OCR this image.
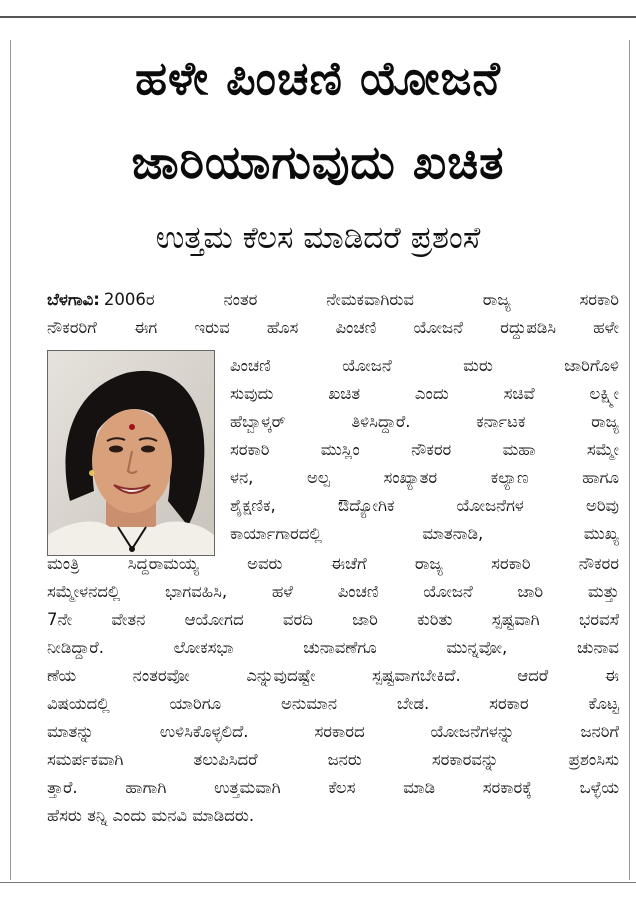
ಹಳೇ ಪಿಂಚಣಿ ಯೋಜನೆ
ಜಾರಿಯಾಗುವುದು ಖಚಿತ
ಉತ್ತಮ ಕೆಲಸ ಮಾಡಿದರೆ ಪ್ರಶಂಸೆ
ಬೆಳಗಾವಿ: 2006ರ ನಂತರ ನೇಮಕವಾಗಿರುವ ರಾಜ್ಯ ಸರಕಾರಿ
ನೌಕರರಿಗೆ ಈಗ ಇರುವ ಹೊಸ ಪಿಂಚಣಿ ಯೋಜನೆ ರದ್ದುಪಡಿಸಿ ಹಳೇ
ಪಿಂಚಣಿ ಯೋಜನೆ ಮರು ಜಾರಿಗೊಳಿ
ಸುವುದು ಖಚಿತ ಎಂದು ಸಚಿವೆ ಲಕ್ಷ್ಮೀ
ಹೆಬ್ಬಾಳ್ಕರ್ ತಿಳಿಸಿದ್ದಾರೆ. ಕರ್ನಾಟಕ ರಾಜ್ಯ
ಸರಕಾರಿ ಮುಸ್ಲಿಂ ನೌಕರರ ಮಹಾ ಸಮ್ಮೇ
ಳನ, ಅಲ್ಪ ಸಂಖ್ಯಾತರ ಕಲ್ಯಾಣ ಹಾಗೂ
ಶೈಕ್ಷಣಿಕ, ಔದ್ಯೋಗಿಕ ಯೋಜನೆಗಳ ಅರಿವು
ಕಾರ್ಯಾಗಾರದಲ್ಲಿ ಮಾತನಾಡಿ, ಮುಖ್ಯ
ಮಂತ್ರಿ ಸಿದ್ದರಾಮಯ್ಯ ಅವರು ಈಚೆಗೆ ರಾಜ್ಯ ಸರಕಾರಿ ನೌಕರರ
ಸಮ್ಮೇಳನದಲ್ಲಿ ಭಾಗವಹಿಸಿ, ಹಳೆ ಪಿಂಚಣಿ ಯೋಜನೆ ಜಾರಿ ಮತ್ತು
7ನೇ ವೇತನ ಆಯೋಗದ ವರದಿ ಜಾರಿ ಕುರಿತು ಸ್ಪಷ್ಟವಾಗಿ ಭರವಸೆ
ನೀಡಿದ್ದಾರೆ. ಲೋಕಸಭಾ ಚುನಾವಣೆಗೂ ಮುನ್ನವೋ, ಚುನಾವ
ಣೆಯ ನಂತರವೋ ಎನ್ನುವುದಷ್ಟೇ ಸ್ಪಷ್ಟವಾಗಬೇಕಿದೆ. ಆದರೆ ಈ
ವಿಷಯದಲ್ಲಿ ಯಾರಿಗೂ ಅನುಮಾನ ಬೇಡ. ಸರಕಾರ ಕೊಟ್ಟ
ಮಾತನ್ನು ಉಳಿಸಿಕೊಳ್ಳಲಿದೆ. ಸರಕಾರದ ಯೋಜನೆಗಳನ್ನು ಜನರಿಗೆ
ಸಮರ್ಪಕವಾಗಿ ತಲುಪಿಸಿದರೆ ಜನರು ಸರಕಾರವನ್ನು ಪ್ರಶಂಸಿಸು
ತ್ತಾರೆ. ಹಾಗಾಗಿ ಉತ್ತಮವಾಗಿ ಕೆಲಸ ಮಾಡಿ ಸರಕಾರಕ್ಕೆ ಒಳ್ಳೆಯ
ಹೆಸರು ತನ್ನಿ ಎಂದು ಮನವಿ ಮಾಡಿದರು.
